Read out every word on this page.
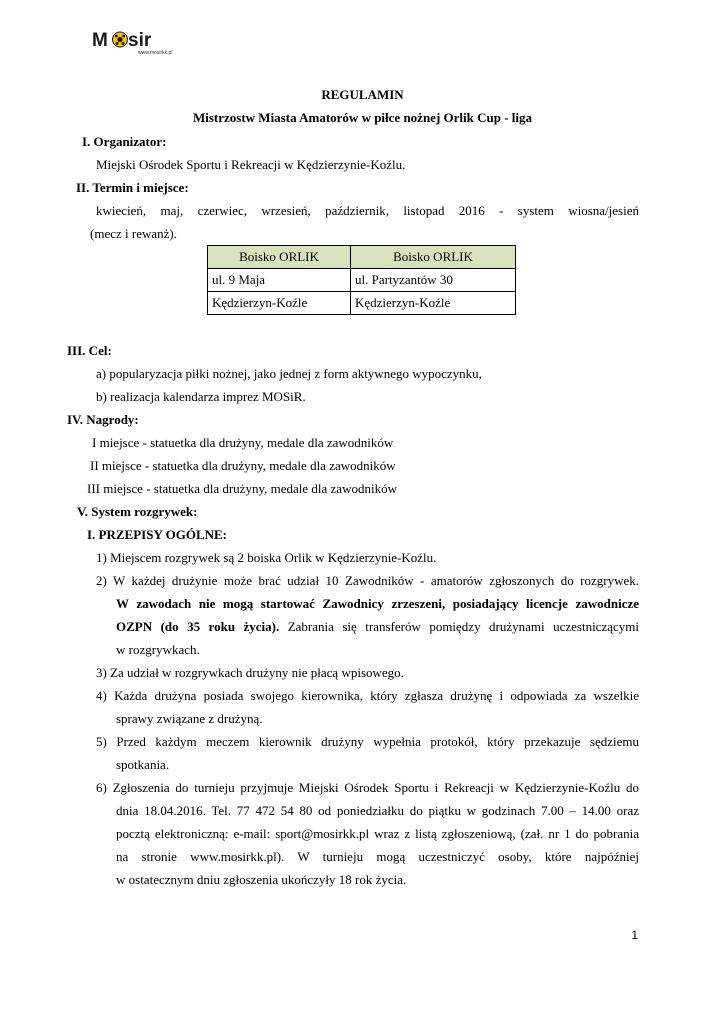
M sir
www.mosirkk.pl
REGULAMIN
Mistrzostw Miasta Amatorów w piłce nożnej Orlik Cup - liga
I. Organizator:
Miejski Ośrodek Sportu i Rekreacji w Kędzierzynie-Koźlu.
II. Termin i miejsce:
kwiecień, maj, czerwiec, wrzesień, październik, listopad 2016 - system wiosna/jesień
(mecz i rewanż).
Boisko ORLIK	Boisko ORLIK
ul. 9 Maja	ul. Partyzantów 30
Kędzierzyn-Koźle	Kędzierzyn-Koźle
III. Cel:
a) popularyzacja piłki nożnej, jako jednej z form aktywnego wypoczynku,
b) realizacja kalendarza imprez MOSiR.
IV. Nagrody:
I miejsce - statuetka dla drużyny, medale dla zawodników
II miejsce - statuetka dla drużyny, medale dla zawodników
III miejsce - statuetka dla drużyny, medale dla zawodników
V. System rozgrywek:
I. PRZEPISY OGÓLNE:
1) Miejscem rozgrywek są 2 boiska Orlik w Kędzierzynie-Koźlu.
2) W każdej drużynie może brać udział 10 Zawodników - amatorów zgłoszonych do rozgrywek.
W zawodach nie mogą startować Zawodnicy zrzeszeni, posiadający licencje zawodnicze
OZPN (do 35 roku życia). Zabrania się transferów pomiędzy drużynami uczestniczącymi
w rozgrywkach.
3) Za udział w rozgrywkach drużyny nie płacą wpisowego.
4) Każda drużyna posiada swojego kierownika, który zgłasza drużynę i odpowiada za wszelkie
sprawy związane z drużyną.
5) Przed każdym meczem kierownik drużyny wypełnia protokół, który przekazuje sędziemu
spotkania.
6) Zgłoszenia do turnieju przyjmuje Miejski Ośrodek Sportu i Rekreacji w Kędzierzynie-Koźlu do
dnia 18.04.2016. Tel. 77 472 54 80 od poniedziałku do piątku w godzinach 7.00 – 14.00 oraz
pocztą elektroniczną: e-mail: sport@mosirkk.pl wraz z listą zgłoszeniową, (zał. nr 1 do pobrania
na stronie www.mosirkk.pl). W turnieju mogą uczestniczyć osoby, które najpóźniej
w ostatecznym dniu zgłoszenia ukończyły 18 rok życia.
1
